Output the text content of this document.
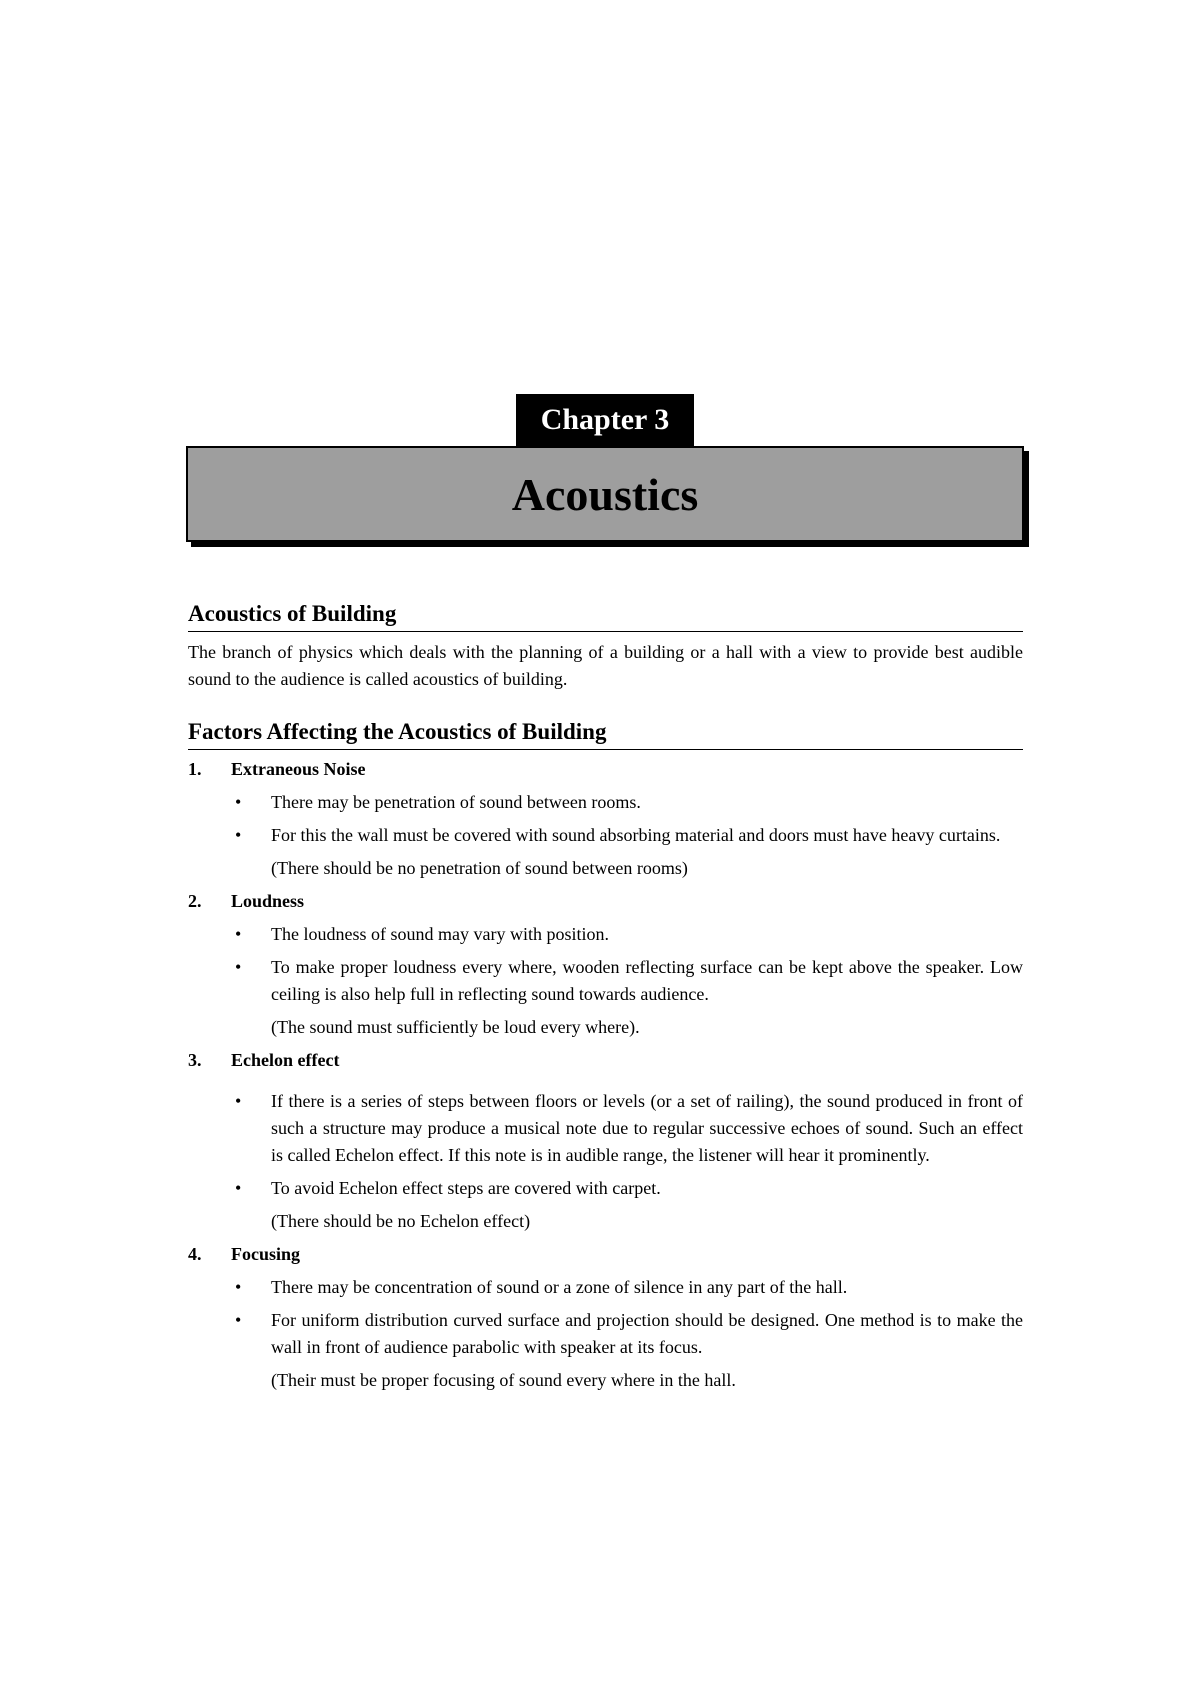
Chapter 3
Acoustics
Acoustics of Building

The branch of physics which deals with the planning of a building or a hall with a view to provide best audible sound to the audience is called acoustics of building.

Factors Affecting the Acoustics of Building
1.	Extraneous Noise
• There may be penetration of sound between rooms.
• For this the wall must be covered with sound absorbing material and doors must have heavy curtains.
(There should be no penetration of sound between rooms)
2.	Loudness
• The loudness of sound may vary with position.
• To make proper loudness every where, wooden reflecting surface can be kept above the speaker. Low ceiling is also help full in reflecting sound towards audience.
(The sound must sufficiently be loud every where).
3.	Echelon effect
• If there is a series of steps between floors or levels (or a set of railing), the sound produced in front of such a structure may produce a musical note due to regular successive echoes of sound. Such an effect is called Echelon effect. If this note is in audible range, the listener will hear it prominently.
• To avoid Echelon effect steps are covered with carpet.
(There should be no Echelon effect)
4.	Focusing
• There may be concentration of sound or a zone of silence in any part of the hall.
• For uniform distribution curved surface and projection should be designed. One method is to make the wall in front of audience parabolic with speaker at its focus.
(Their must be proper focusing of sound every where in the hall.
